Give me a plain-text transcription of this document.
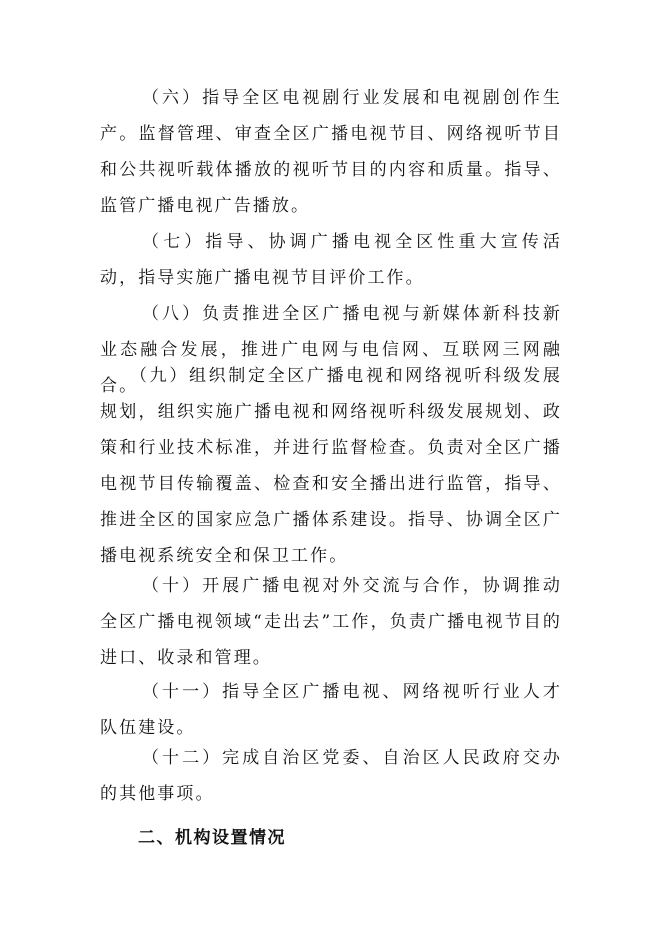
（六）指导全区电视剧行业发展和电视剧创作生产。监督管理、审查全区广播电视节目、网络视听节目和公共视听载体播放的视听节目的内容和质量。指导、监管广播电视广告播放。

（七）指导、协调广播电视全区性重大宣传活动，指导实施广播电视节目评价工作。

（八）负责推进全区广播电视与新媒体新科技新业态融合发展，推进广电网与电信网、互联网三网融合。

（九）组织制定全区广播电视和网络视听科级发展规划，组织实施广播电视和网络视听科级发展规划、政策和行业技术标准，并进行监督检查。负责对全区广播电视节目传输覆盖、检查和安全播出进行监管，指导、推进全区的国家应急广播体系建设。指导、协调全区广播电视系统安全和保卫工作。

（十）开展广播电视对外交流与合作，协调推动全区广播电视领域“走出去”工作，负责广播电视节目的进口、收录和管理。

（十一）指导全区广播电视、网络视听行业人才队伍建设。

（十二）完成自治区党委、自治区人民政府交办的其他事项。

二、机构设置情况
